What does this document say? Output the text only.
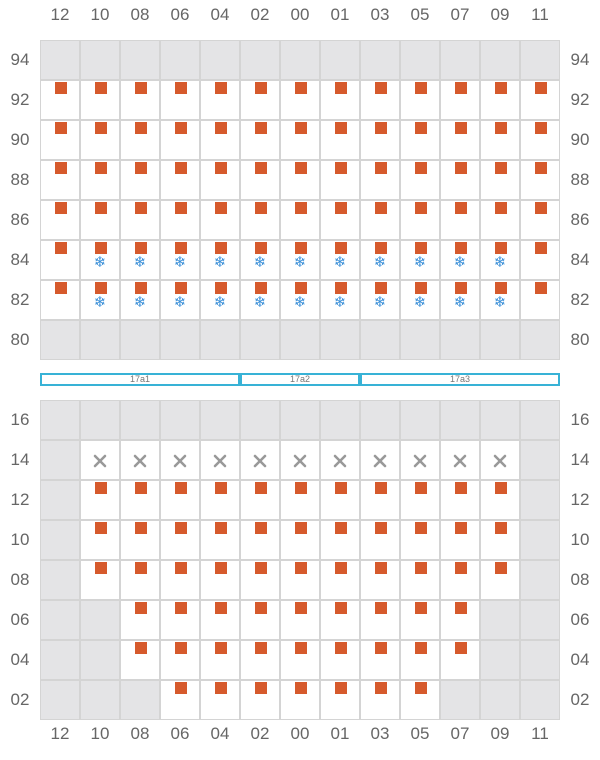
12
12
10
10
08
08
06
06
04
04
02
02
00
00
01
01
03
03
05
05
07
07
09
09
11
11
94	94
92	92
90	90
88	88
86	86
84	84
❄ ❄ ❄ ❄ ❄ ❄ ❄ ❄ ❄ ❄ ❄
82	82
❄ ❄ ❄ ❄ ❄ ❄ ❄ ❄ ❄ ❄ ❄
80	80
16	16
14	14
12	12
10	10
08	08
06	06
04	04
02	02
17a1	17a2	17a3
